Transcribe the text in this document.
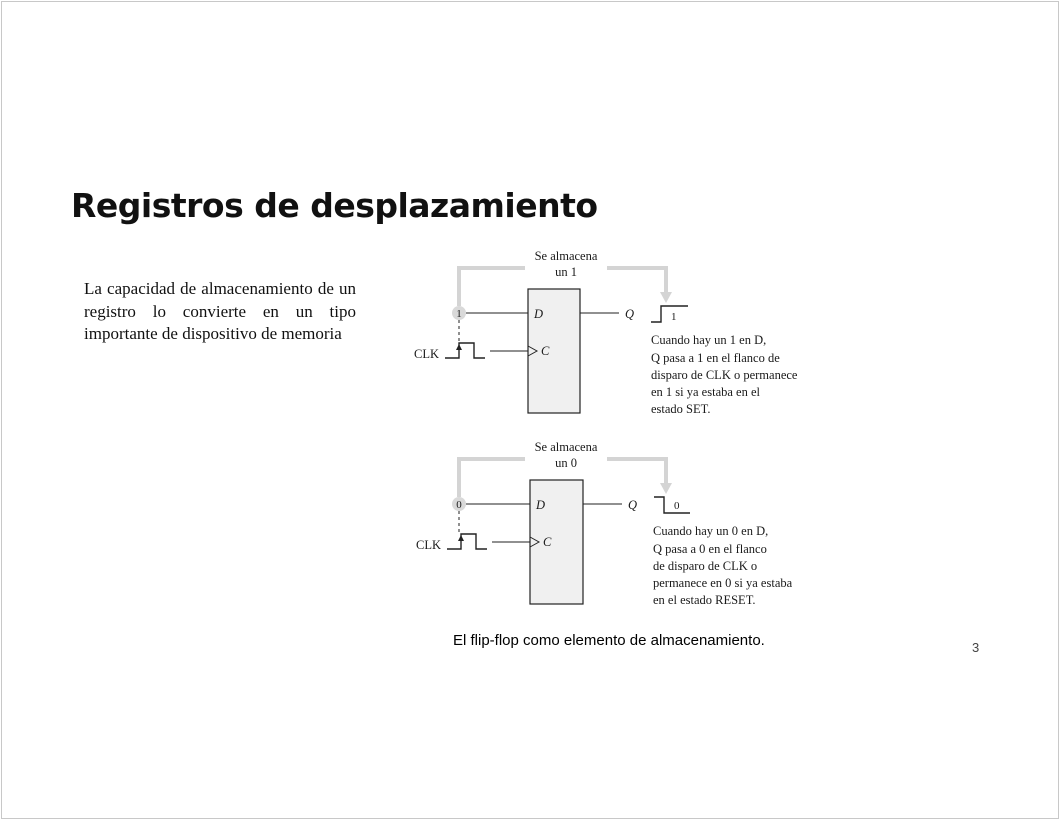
Registros de desplazamiento

La capacidad de almacenamiento de un registro lo convierte en un tipo importante de dispositivo de memoria

Se almacena
un 1
1	D
C
CLK
Q	1
Cuando hay un 1 en D,
Q pasa a 1 en el flanco de
disparo de CLK o permanece
en 1 si ya estaba en el
estado SET.
Se almacena
un 0
0	D
C
CLK
Q	0
Cuando hay un 0 en D,
Q pasa a 0 en el flanco
de disparo de CLK o
permanece en 0 si ya estaba
en el estado RESET.
El flip-flop como elemento de almacenamiento.	3
